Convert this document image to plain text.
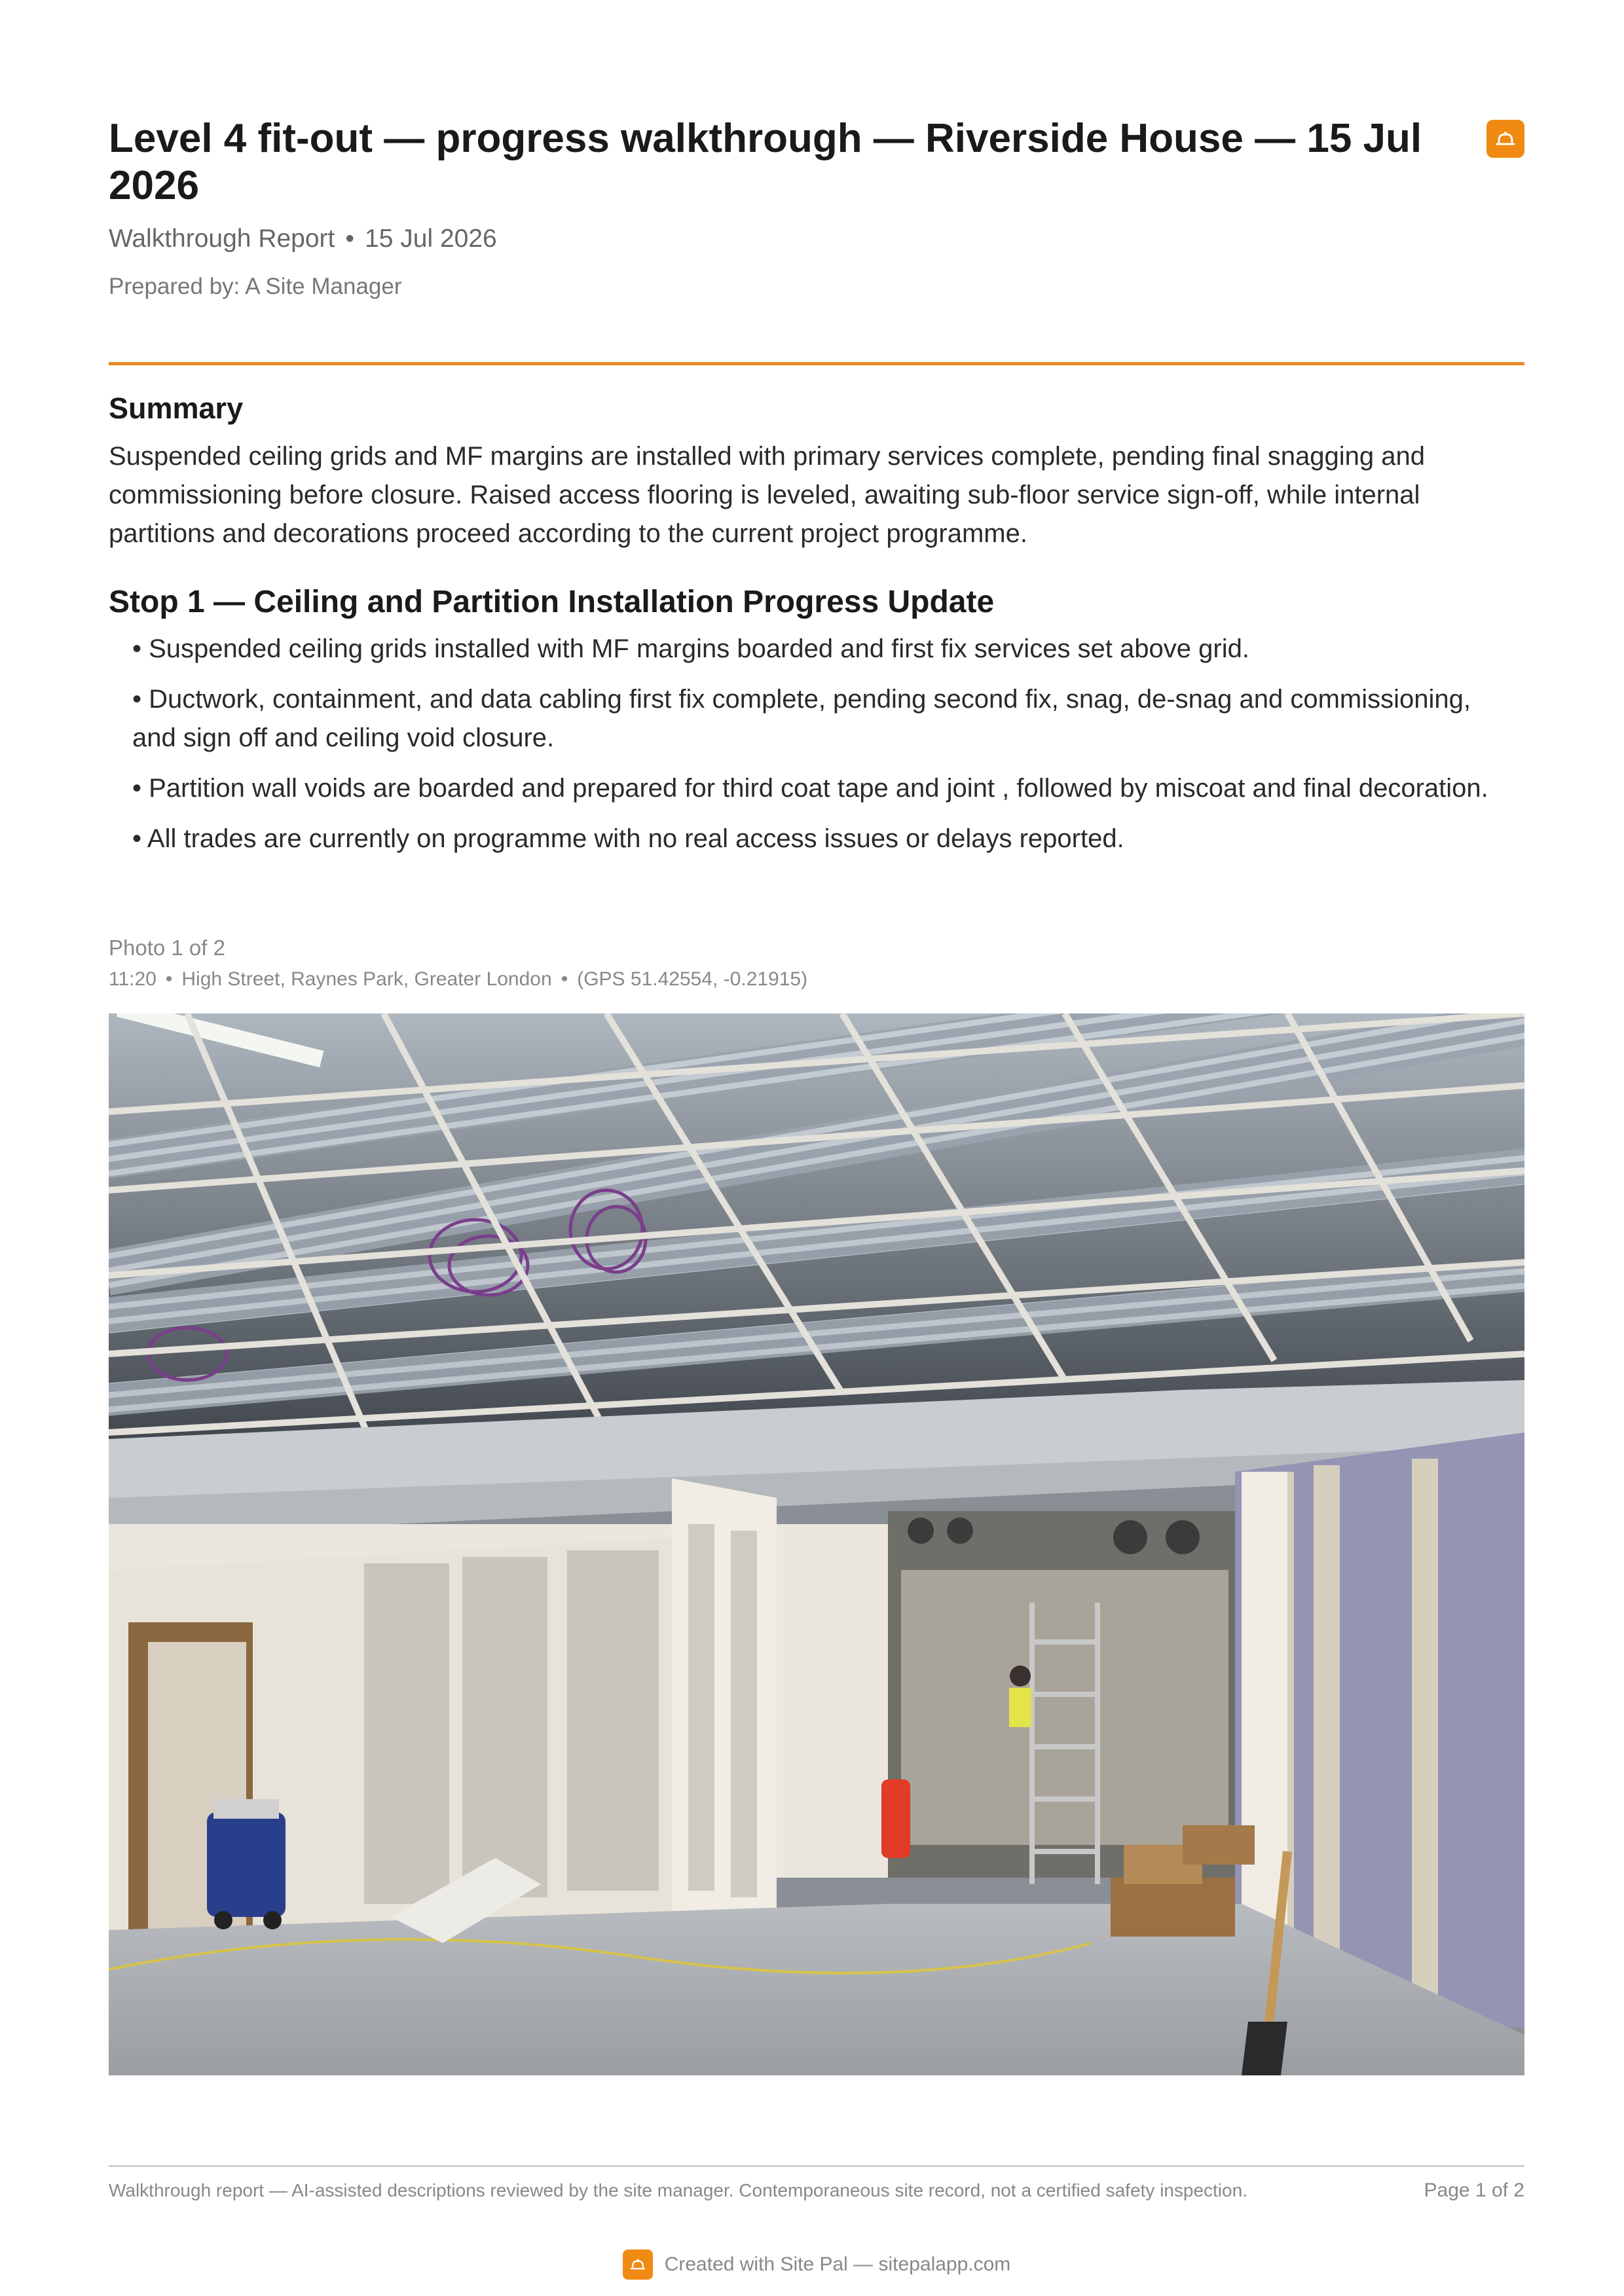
Level 4 fit-out — progress walkthrough — Riverside House — 15 Jul 2026
Walkthrough Report • 15 Jul 2026
Prepared by: A Site Manager
Summary

Suspended ceiling grids and MF margins are installed with primary services complete, pending final snagging and commissioning before closure. Raised access flooring is leveled, awaiting sub-floor service sign-off, while internal partitions and decorations proceed according to the current project programme.

Stop 1 — Ceiling and Partition Installation Progress Update
• Suspended ceiling grids installed with MF margins boarded and first fix services set above grid.
• Ductwork, containment, and data cabling first fix complete, pending second fix, snag, de-snag and commissioning, and sign off and ceiling void closure.
• Partition wall voids are boarded and prepared for third coat tape and joint , followed by miscoat and final decoration.
• All trades are currently on programme with no real access issues or delays reported.
Photo 1 of 2
11:20 • High Street, Raynes Park, Greater London • (GPS 51.42554, -0.21915)

Walkthrough report — AI-assisted descriptions reviewed by the site manager. Contemporaneous site record, not a certified safety inspection.	Page 1 of 2
Created with Site Pal — sitepalapp.com
